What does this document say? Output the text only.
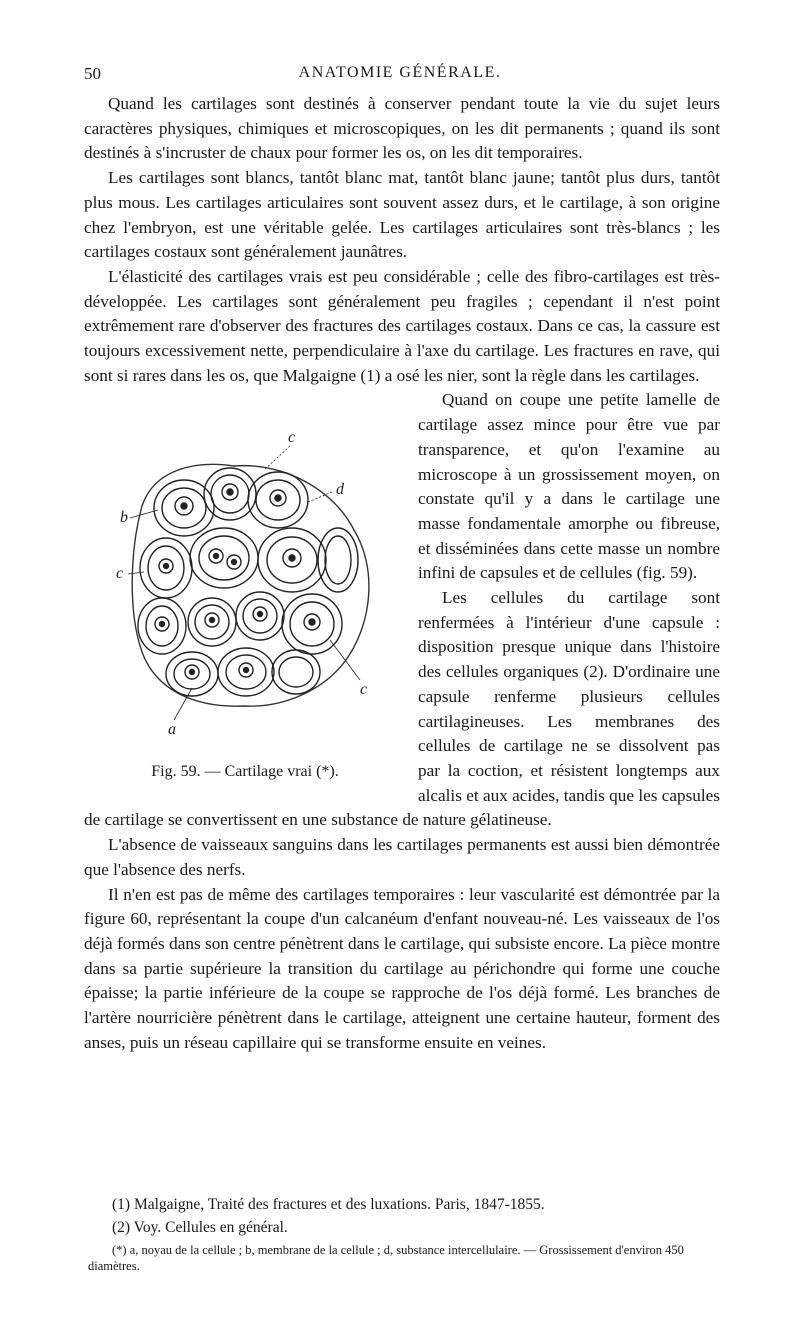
50	ANATOMIE GÉNÉRALE.

Quand les cartilages sont destinés à conserver pendant toute la vie du sujet leurs caractères physiques, chimiques et microscopiques, on les dit permanents ; quand ils sont destinés à s'incruster de chaux pour former les os, on les dit temporaires.

Les cartilages sont blancs, tantôt blanc mat, tantôt blanc jaune; tantôt plus durs, tantôt plus mous. Les cartilages articulaires sont souvent assez durs, et le cartilage, à son origine chez l'embryon, est une véritable gelée. Les cartilages articulaires sont très-blancs ; les cartilages costaux sont généralement jaunâtres.

L'élasticité des cartilages vrais est peu considérable ; celle des fibro-cartilages est très-développée. Les cartilages sont généralement peu fragiles ; cependant il n'est point extrêmement rare d'observer des fractures des cartilages costaux. Dans ce cas, la cassure est toujours excessivement nette, perpendiculaire à l'axe du cartilage. Les fractures en rave, qui sont si rares dans les os, que Malgaigne (1) a osé les nier, sont la règle dans les cartilages.

b
c
c
d
c
a
Fig. 59. — Cartilage vrai (*).

Quand on coupe une petite lamelle de cartilage assez mince pour être vue par transparence, et qu'on l'examine au microscope à un grossissement moyen, on constate qu'il y a dans le cartilage une masse fondamentale amorphe ou fibreuse, et disséminées dans cette masse un nombre infini de capsules et de cellules (fig. 59).

Les cellules du cartilage sont renfermées à l'intérieur d'une capsule : disposition presque unique dans l'histoire des cellules organiques (2). D'ordinaire une capsule renferme plusieurs cellules cartilagineuses. Les membranes des cellules de cartilage ne se dissolvent pas par la coction, et résistent longtemps aux alcalis et aux acides, tandis que les capsules de cartilage se convertissent en une substance de nature gélatineuse.

L'absence de vaisseaux sanguins dans les cartilages permanents est aussi bien démontrée que l'absence des nerfs.

Il n'en est pas de même des cartilages temporaires : leur vascularité est démontrée par la figure 60, représentant la coupe d'un calcanéum d'enfant nouveau-né. Les vaisseaux de l'os déjà formés dans son centre pénètrent dans le cartilage, qui subsiste encore. La pièce montre dans sa partie supérieure la transition du cartilage au périchondre qui forme une couche épaisse; la partie inférieure de la coupe se rapproche de l'os déjà formé. Les branches de l'artère nourricière pénètrent dans le cartilage, atteignent une certaine hauteur, forment des anses, puis un réseau capillaire qui se transforme ensuite en veines.

(1) Malgaigne, Traité des fractures et des luxations. Paris, 1847-1855.

(2) Voy. Cellules en général.

(*) a, noyau de la cellule ; b, membrane de la cellule ; d, substance intercellulaire. — Grossissement d'environ 450 diamètres.
